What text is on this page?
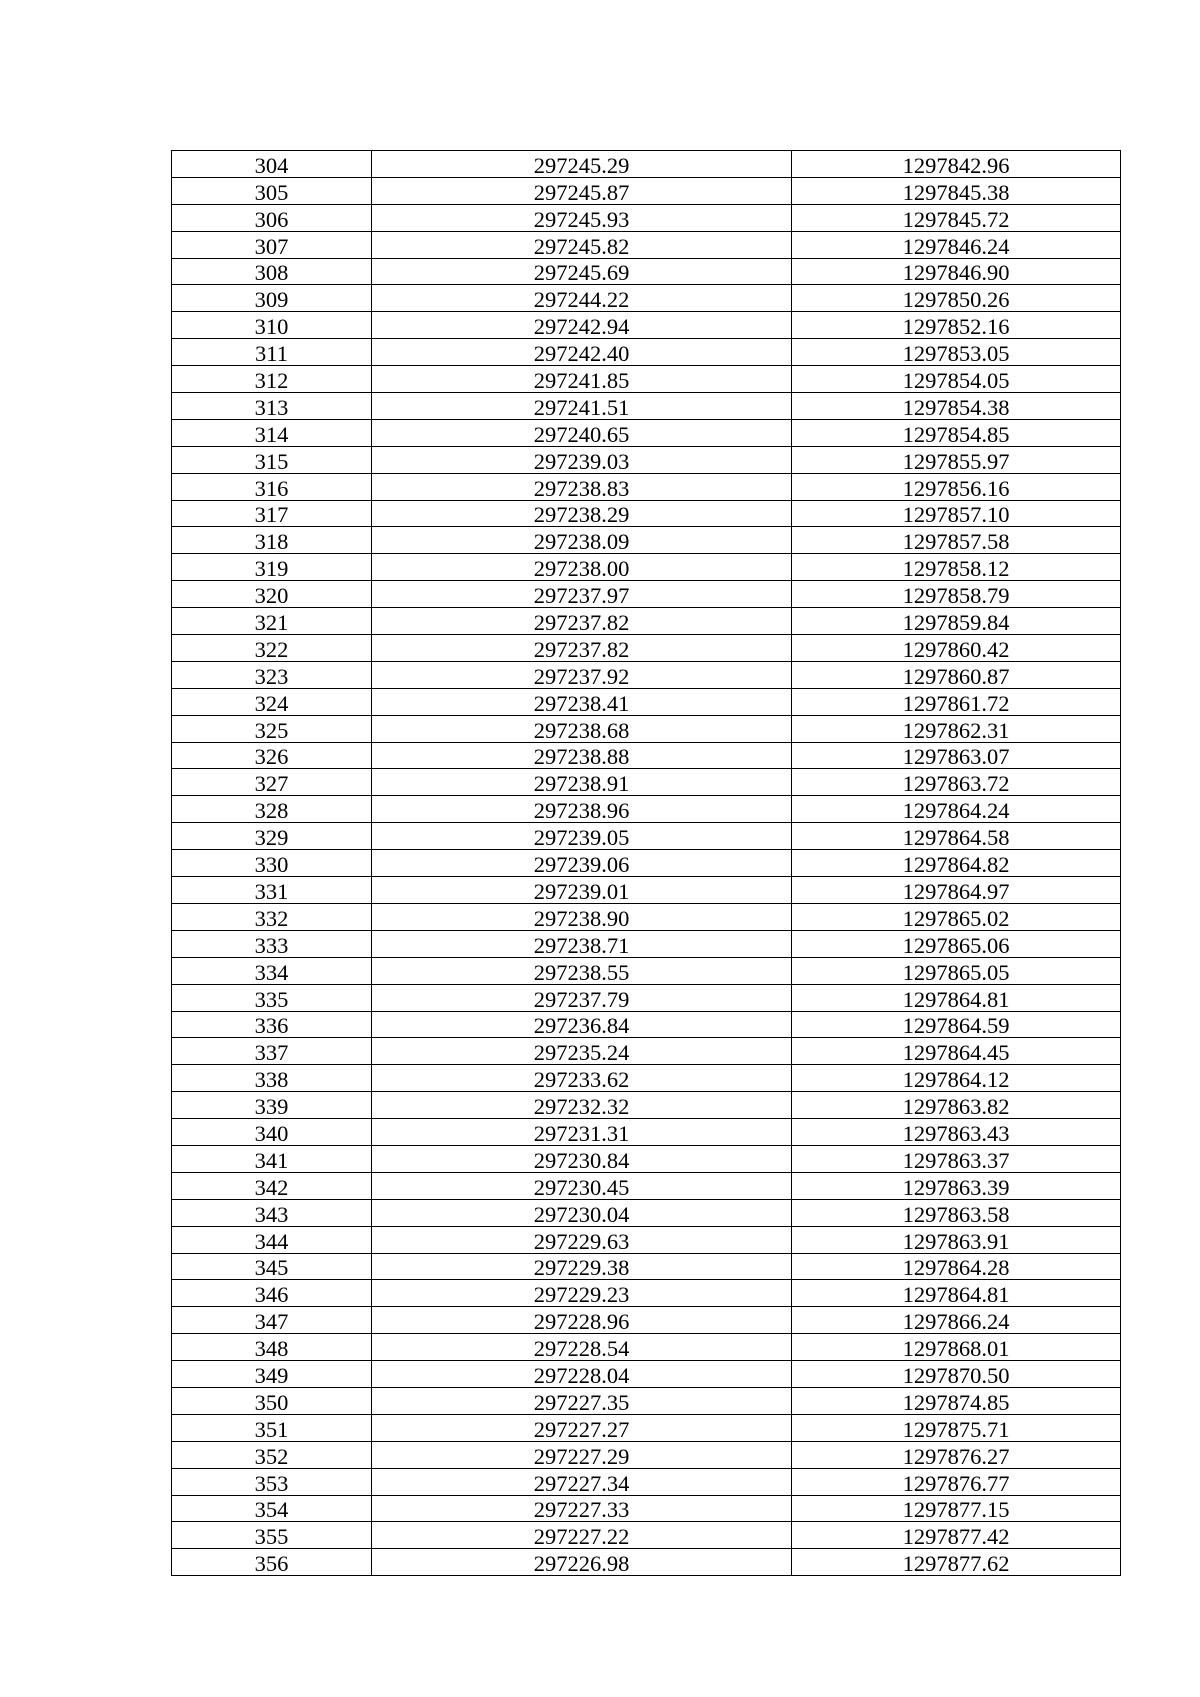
304	297245.29	1297842.96
305	297245.87	1297845.38
306	297245.93	1297845.72
307	297245.82	1297846.24
308	297245.69	1297846.90
309	297244.22	1297850.26
310	297242.94	1297852.16
311	297242.40	1297853.05
312	297241.85	1297854.05
313	297241.51	1297854.38
314	297240.65	1297854.85
315	297239.03	1297855.97
316	297238.83	1297856.16
317	297238.29	1297857.10
318	297238.09	1297857.58
319	297238.00	1297858.12
320	297237.97	1297858.79
321	297237.82	1297859.84
322	297237.82	1297860.42
323	297237.92	1297860.87
324	297238.41	1297861.72
325	297238.68	1297862.31
326	297238.88	1297863.07
327	297238.91	1297863.72
328	297238.96	1297864.24
329	297239.05	1297864.58
330	297239.06	1297864.82
331	297239.01	1297864.97
332	297238.90	1297865.02
333	297238.71	1297865.06
334	297238.55	1297865.05
335	297237.79	1297864.81
336	297236.84	1297864.59
337	297235.24	1297864.45
338	297233.62	1297864.12
339	297232.32	1297863.82
340	297231.31	1297863.43
341	297230.84	1297863.37
342	297230.45	1297863.39
343	297230.04	1297863.58
344	297229.63	1297863.91
345	297229.38	1297864.28
346	297229.23	1297864.81
347	297228.96	1297866.24
348	297228.54	1297868.01
349	297228.04	1297870.50
350	297227.35	1297874.85
351	297227.27	1297875.71
352	297227.29	1297876.27
353	297227.34	1297876.77
354	297227.33	1297877.15
355	297227.22	1297877.42
356	297226.98	1297877.62
